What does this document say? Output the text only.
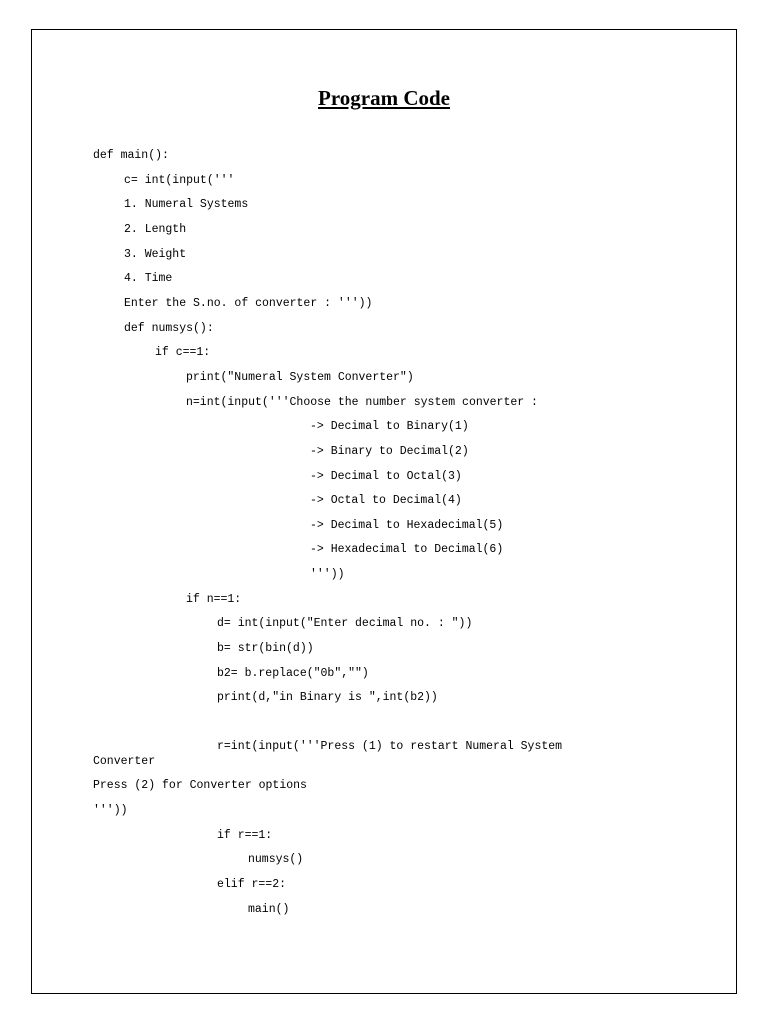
Program Code
def main():
c= int(input('''
1. Numeral Systems
2. Length
3. Weight
4. Time
Enter the S.no. of converter : '''))
def numsys():
if c==1:
print("Numeral System Converter")
n=int(input('''Choose the number system converter :
-> Decimal to Binary(1)
-> Binary to Decimal(2)
-> Decimal to Octal(3)
-> Octal to Decimal(4)
-> Decimal to Hexadecimal(5)
-> Hexadecimal to Decimal(6)
'''))
if n==1:
d= int(input("Enter decimal no. : "))
b= str(bin(d))
b2= b.replace("0b","")
print(d,"in Binary is ",int(b2))
r=int(input('''Press (1) to restart Numeral System
Converter
Press (2) for Converter options
'''))
if r==1:
numsys()
elif r==2:
main()
